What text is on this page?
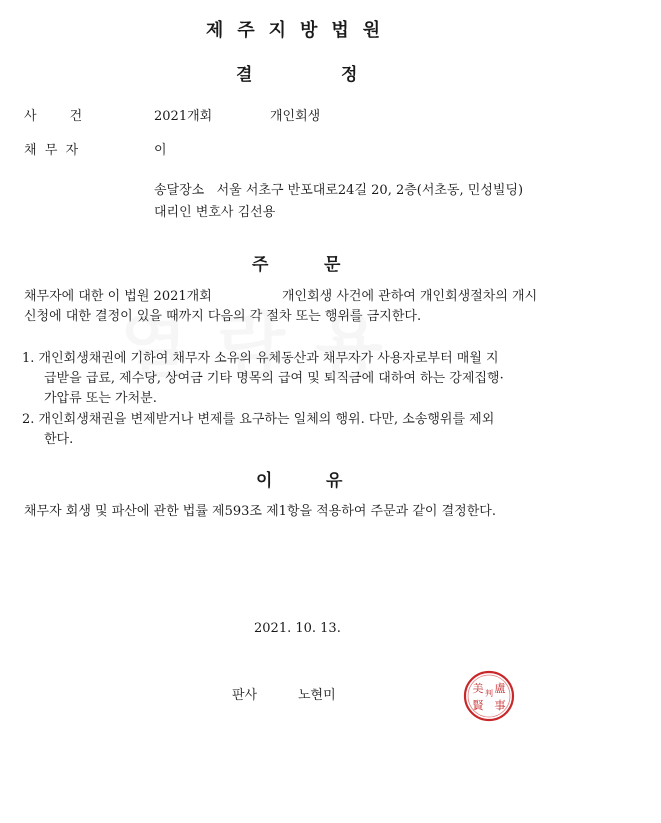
제주지방법원
결	정
사        건	2021개회	개인회생
채  무  자	이
송달장소   서울 서초구 반포대로24길 20, 2층(서초동, 민성빌딩)
대리인 변호사 김선용
주	문
채무자에 대한 이 법원 2021개회	개인회생 사건에 관하여 개인회생절차의 개시
신청에 대한 결정이 있을 때까지 다음의 각 절차 또는 행위를 금지한다.
1. 개인회생채권에 기하여 채무자 소유의 유체동산과 채무자가 사용자로부터 매월 지
급받을 급료, 제수당, 상여금 기타 명목의 급여 및 퇴직금에 대하여 하는 강제집행·
가압류 또는 가처분.
2. 개인회생채권을 변제받거나 변제를 요구하는 일체의 행위. 다만, 소송행위를 제외
한다.
이	유
채무자 회생 및 파산에 관한 법률 제593조 제1항을 적용하여 주문과 같이 결정한다.
2021. 10. 13.
판사	노현미	美 盧
判
賢 事
